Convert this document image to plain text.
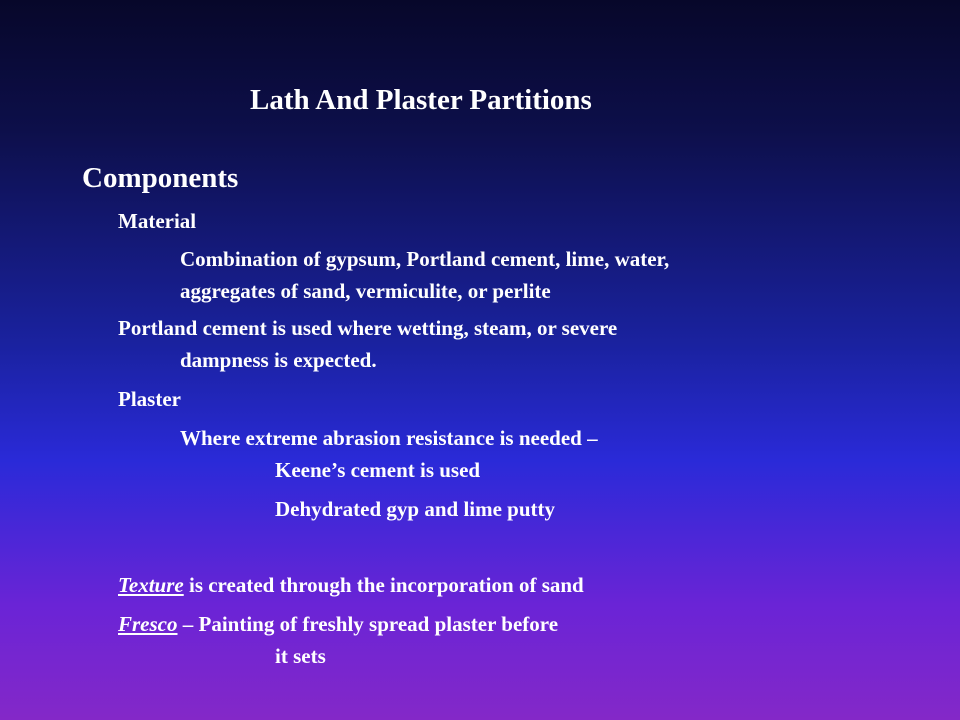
Lath And Plaster Partitions
Components
Material
Combination of gypsum, Portland cement, lime, water,
aggregates of sand, vermiculite, or perlite
Portland cement is used where wetting, steam, or severe
dampness is expected.
Plaster
Where extreme abrasion resistance is needed –
Keene’s cement is used
Dehydrated gyp and lime putty
Texture is created through the incorporation of sand
Fresco – Painting of freshly spread plaster before
it sets
